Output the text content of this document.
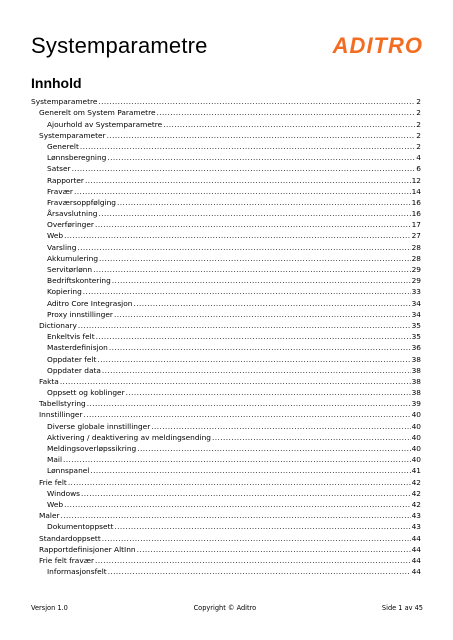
Systemparametre	ADITRO
Innhold
Systemparametre .....	2
Generelt om System Parametre .....	2
Ajourhold av Systemparametre .....	2
Systemparameter .....	2
Generelt .....	2
Lønnsberegning .....	4
Satser .....	6
Rapporter .....	12
Fravær .....	14
Fraværsoppfølging .....	16
Årsavslutning .....	16
Overføringer .....	17
Web .....	27
Varsling .....	28
Akkumulering .....	28
Servitørlønn .....	29
Bedriftskontering .....	29
Kopiering .....	33
Aditro Core Integrasjon .....	34
Proxy innstillinger .....	34
Dictionary .....	35
Enkeltvis felt .....	35
Masterdefinisjon .....	36
Oppdater felt .....	38
Oppdater data .....	38
Fakta .....	38
Oppsett og koblinger .....	38
Tabellstyring .....	39
Innstillinger .....	40
Diverse globale innstillinger .....	40
Aktivering / deaktivering av meldingsending .....	40
Meldingsoverløpssikring .....	40
Mail .....	40
Lønnspanel .....	41
Frie felt .....	42
Windows .....	42
Web .....	42
Maler .....	43
Dokumentoppsett .....	43
Standardoppsett .....	44
Rapportdefinisjoner AltInn .....	44
Frie felt fravær .....	44
Informasjonsfelt .....	44
Versjon 1.0	Copyright © Aditro	Side 1 av 45
